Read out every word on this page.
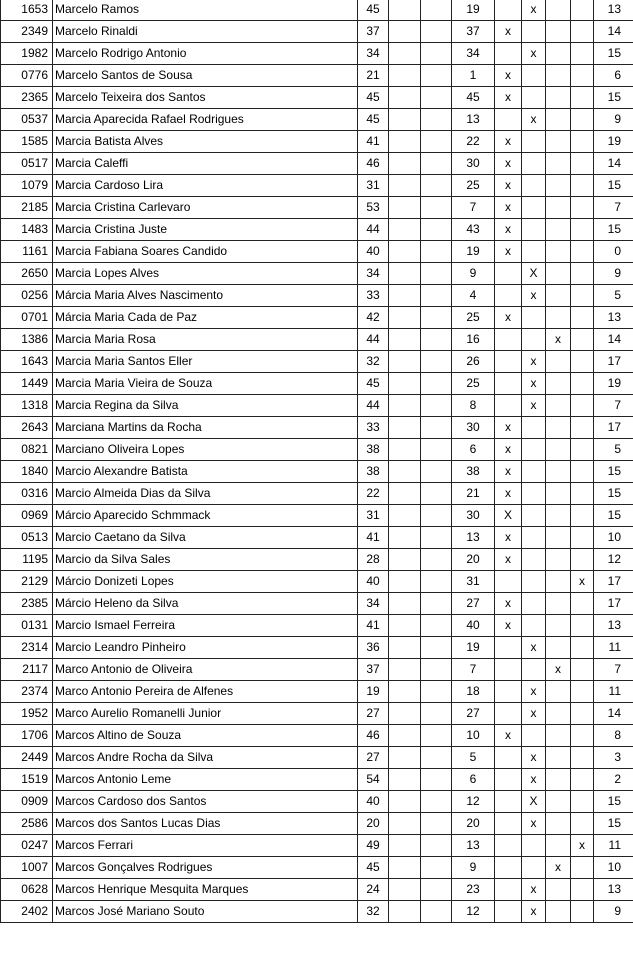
1653	Marcelo Ramos	45			19		x			13
2349	Marcelo Rinaldi	37			37	x				14
1982	Marcelo Rodrigo Antonio	34			34		x			15
0776	Marcelo Santos de Sousa	21			1	x				6
2365	Marcelo Teixeira dos Santos	45			45	x				15
0537	Marcia Aparecida Rafael Rodrigues	45			13		x			9
1585	Marcia Batista Alves	41			22	x				19
0517	Marcia Caleffi	46			30	x				14
1079	Marcia Cardoso Lira	31			25	x				15
2185	Marcia Cristina Carlevaro	53			7	x				7
1483	Marcia Cristina Juste	44			43	x				15
1161	Marcia Fabiana Soares Candido	40			19	x				0
2650	Marcia Lopes Alves	34			9		X			9
0256	Márcia Maria Alves Nascimento	33			4		x			5
0701	Márcia Maria Cada de Paz	42			25	x				13
1386	Marcia Maria Rosa	44			16			x		14
1643	Marcia Maria Santos Eller	32			26		x			17
1449	Marcia Maria Vieira de Souza	45			25		x			19
1318	Marcia Regina da Silva	44			8		x			7
2643	Marciana Martins da Rocha	33			30	x				17
0821	Marciano Oliveira Lopes	38			6	x				5
1840	Marcio Alexandre Batista	38			38	x				15
0316	Marcio Almeida Dias da Silva	22			21	x				15
0969	Márcio Aparecido Schmmack	31			30	X				15
0513	Marcio Caetano da Silva	41			13	x				10
1195	Marcio da Silva Sales	28			20	x				12
2129	Márcio Donizeti Lopes	40			31				x	17
2385	Márcio Heleno da Silva	34			27	x				17
0131	Marcio Ismael Ferreira	41			40	x				13
2314	Marcio Leandro Pinheiro	36			19		x			11
2117	Marco Antonio de Oliveira	37			7			x		7
2374	Marco Antonio Pereira de Alfenes	19			18		x			11
1952	Marco Aurelio Romanelli Junior	27			27		x			14
1706	Marcos Altino de Souza	46			10	x				8
2449	Marcos Andre Rocha da Silva	27			5		x			3
1519	Marcos Antonio Leme	54			6		x			2
0909	Marcos Cardoso dos Santos	40			12		X			15
2586	Marcos dos Santos Lucas Dias	20			20		x			15
0247	Marcos Ferrari	49			13				x	11
1007	Marcos Gonçalves Rodrigues	45			9			x		10
0628	Marcos Henrique Mesquita Marques	24			23		x			13
2402	Marcos José Mariano Souto	32			12		x			9
